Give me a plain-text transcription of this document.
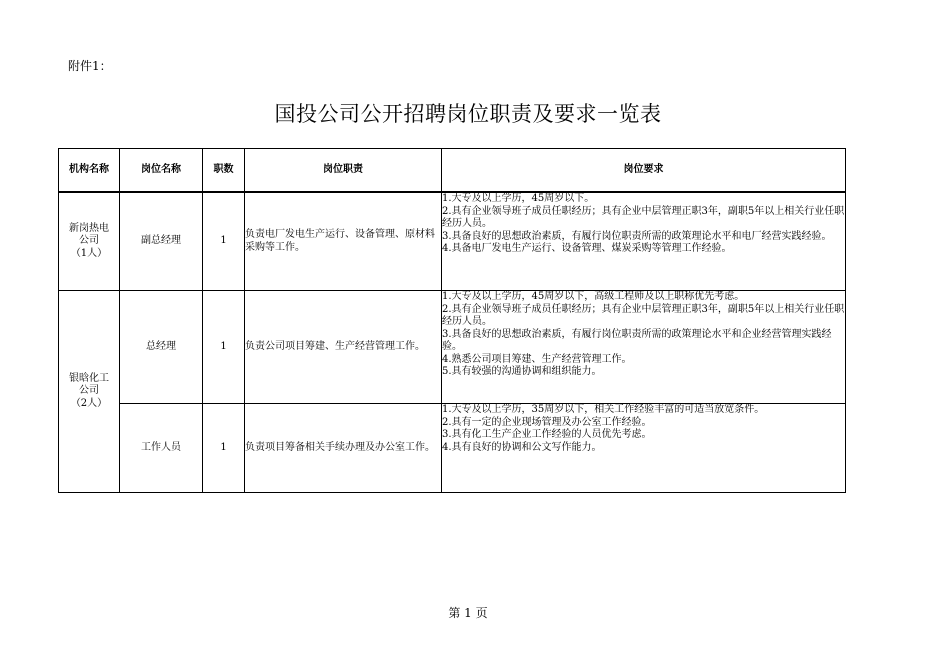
附件1：
国投公司公开招聘岗位职责及要求一览表
机构名称	岗位名称	职数	岗位职责	岗位要求
新岗热电
公司
（1人）	副总经理	1	负责电厂发电生产运行、设备管理、原材料采购等工作。	1.大专及以上学历，45周岁以下。
2.具有企业领导班子成员任职经历；具有企业中层管理正职3年，副职5年以上相关行业任职经历人员。
3.具备良好的思想政治素质，有履行岗位职责所需的政策理论水平和电厂经营实践经验。
4.具备电厂发电生产运行、设备管理、煤炭采购等管理工作经验。

银晗化工
公司
（2人）	总经理	1	负责公司项目筹建、生产经营管理工作。	1.大专及以上学历，45周岁以下，高级工程师及以上职称优先考虑。
2.具有企业领导班子成员任职经历；具有企业中层管理正职3年，副职5年以上相关行业任职经历人员。
3.具备良好的思想政治素质，有履行岗位职责所需的政策理论水平和企业经营管理实践经验。
4.熟悉公司项目筹建、生产经营管理工作。
5.具有较强的沟通协调和组织能力。

	工作人员	1	负责项目筹备相关手续办理及办公室工作。	1.大专及以上学历，35周岁以下，相关工作经验丰富的可适当放宽条件。
2.具有一定的企业现场管理及办公室工作经验。
3.具有化工生产企业工作经验的人员优先考虑。
4.具有良好的协调和公文写作能力。
第 1 页
